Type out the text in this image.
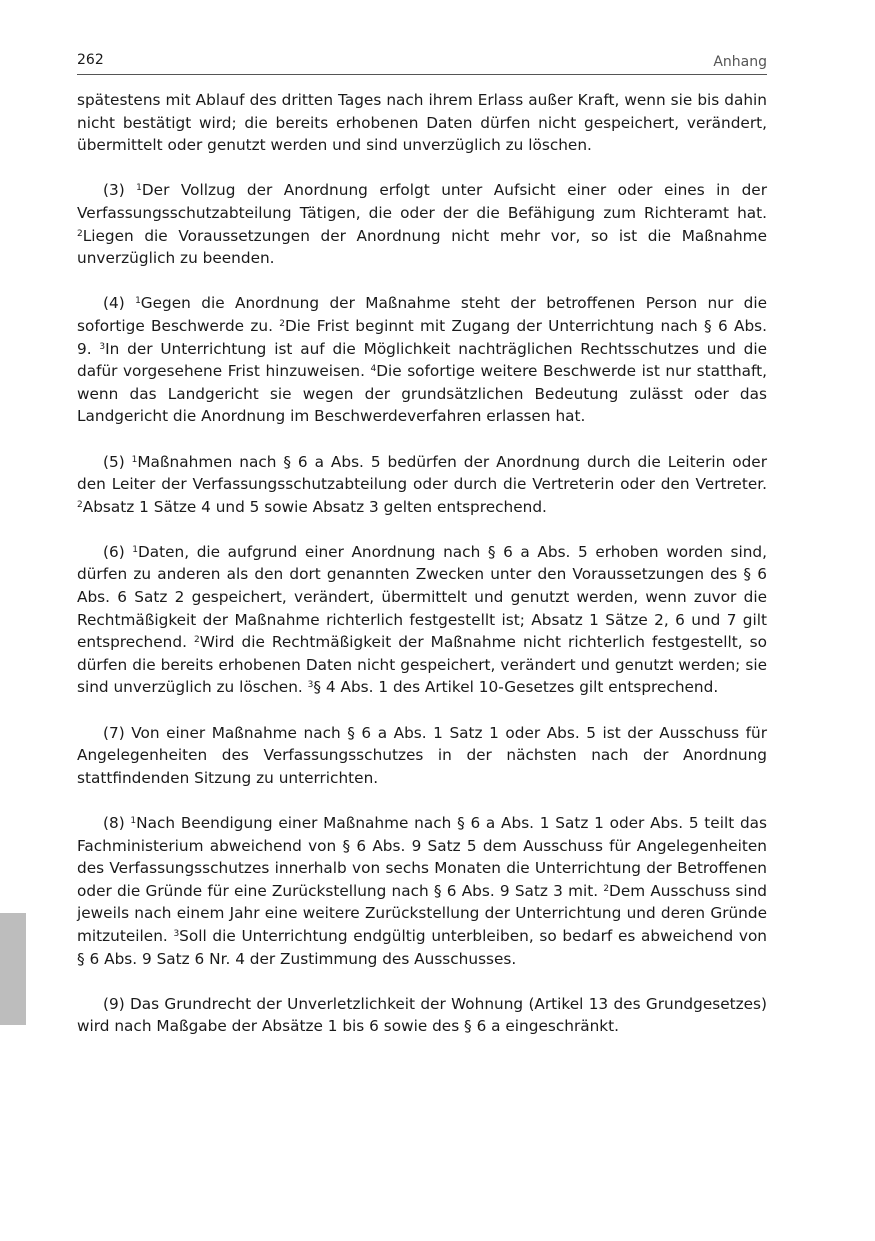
262	Anhang

spätestens mit Ablauf des dritten Tages nach ihrem Erlass außer Kraft, wenn sie bis dahin nicht bestätigt wird; die bereits erhobenen Daten dürfen nicht gespeichert, verändert, übermittelt oder genutzt werden und sind unverzüglich zu löschen.

(3) $^1$Der Vollzug der Anordnung erfolgt unter Aufsicht einer oder eines in der Verfassungsschutzabteilung Tätigen, die oder der die Befähigung zum Richteramt hat. $^2$Liegen die Voraussetzungen der Anordnung nicht mehr vor, so ist die Maßnahme unverzüglich zu beenden.

(4) $^1$Gegen die Anordnung der Maßnahme steht der betroffenen Person nur die sofortige Beschwerde zu. $^2$Die Frist beginnt mit Zugang der Unterrichtung nach § 6 Abs. 9. $^3$In der Unterrichtung ist auf die Möglichkeit nachträglichen Rechtsschutzes und die dafür vorgesehene Frist hinzuweisen. $^4$Die sofortige weitere Beschwerde ist nur statthaft, wenn das Landgericht sie wegen der grundsätzlichen Bedeutung zulässt oder das Landgericht die Anordnung im Beschwerdeverfahren erlassen hat.

(5) $^1$Maßnahmen nach § 6 a Abs. 5 bedürfen der Anordnung durch die Leiterin oder den Leiter der Verfassungsschutzabteilung oder durch die Vertreterin oder den Vertreter. $^2$Absatz 1 Sätze 4 und 5 sowie Absatz 3 gelten entsprechend.

(6) $^1$Daten, die aufgrund einer Anordnung nach § 6 a Abs. 5 erhoben worden sind, dürfen zu anderen als den dort genannten Zwecken unter den Voraussetzungen des § 6 Abs. 6 Satz 2 gespeichert, verändert, übermittelt und genutzt werden, wenn zuvor die Rechtmäßigkeit der Maßnahme richterlich festgestellt ist; Absatz 1 Sätze 2, 6 und 7 gilt entsprechend. $^2$Wird die Rechtmäßigkeit der Maßnahme nicht richterlich festgestellt, so dürfen die bereits erhobenen Daten nicht gespeichert, verändert und genutzt werden; sie sind unverzüglich zu löschen. $^3$§ 4 Abs. 1 des Artikel 10-Gesetzes gilt entsprechend.

(7) Von einer Maßnahme nach § 6 a Abs. 1 Satz 1 oder Abs. 5 ist der Ausschuss für Angelegenheiten des Verfassungsschutzes in der nächsten nach der Anordnung stattfindenden Sitzung zu unterrichten.

(8) $^1$Nach Beendigung einer Maßnahme nach § 6 a Abs. 1 Satz 1 oder Abs. 5 teilt das Fachministerium abweichend von § 6 Abs. 9 Satz 5 dem Ausschuss für Angelegenheiten des Verfassungsschutzes innerhalb von sechs Monaten die Unterrichtung der Betroffenen oder die Gründe für eine Zurückstellung nach § 6 Abs. 9 Satz 3 mit. $^2$Dem Ausschuss sind jeweils nach einem Jahr eine weitere Zurückstellung der Unterrichtung und deren Gründe mitzuteilen. $^3$Soll die Unterrichtung endgültig unterbleiben, so bedarf es abweichend von § 6 Abs. 9 Satz 6 Nr. 4 der Zustimmung des Ausschusses.

(9) Das Grundrecht der Unverletzlichkeit der Wohnung (Artikel 13 des Grundgesetzes) wird nach Maßgabe der Absätze 1 bis 6 sowie des § 6 a eingeschränkt.
